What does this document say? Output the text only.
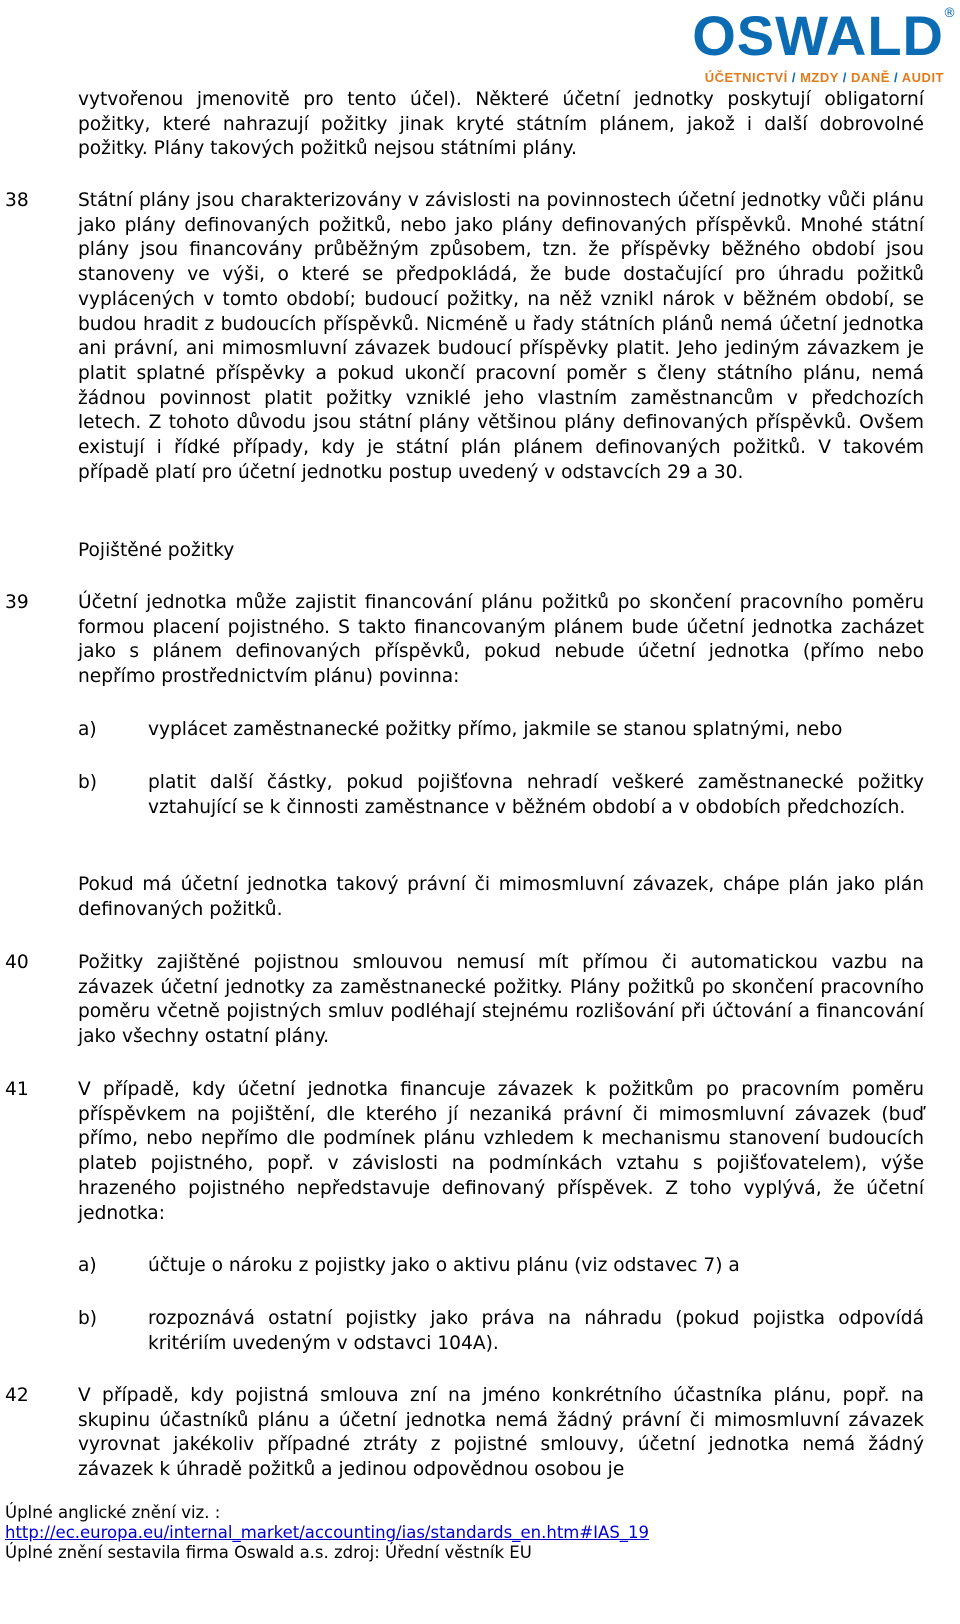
OSWALD ®
ÚČETNICTVÍ / MZDY / DANĚ / AUDIT
vytvořenou jmenovitě pro tento účel). Některé účetní jednotky poskytují obligatorní požitky, které nahrazují požitky jinak kryté státním plánem, jakož i další dobrovolné požitky. Plány takových požitků nejsou státními plány.
38	Státní plány jsou charakterizovány v závislosti na povinnostech účetní jednotky vůči plánu jako plány definovaných požitků, nebo jako plány definovaných příspěvků. Mnohé státní plány jsou financovány průběžným způsobem, tzn. že příspěvky běžného období jsou stanoveny ve výši, o které se předpokládá, že bude dostačující pro úhradu požitků vyplácených v tomto období; budoucí požitky, na něž vznikl nárok v běžném období, se budou hradit z budoucích příspěvků. Nicméně u řady státních plánů nemá účetní jednotka ani právní, ani mimosmluvní závazek budoucí příspěvky platit. Jeho jediným závazkem je platit splatné příspěvky a pokud ukončí pracovní poměr s členy státního plánu, nemá žádnou povinnost platit požitky vzniklé jeho vlastním zaměstnancům v předchozích letech. Z tohoto důvodu jsou státní plány většinou plány definovaných příspěvků. Ovšem existují i řídké případy, kdy je státní plán plánem definovaných požitků. V takovém případě platí pro účetní jednotku postup uvedený v odstavcích 29 a 30.
Pojištěné požitky
39	Účetní jednotka může zajistit financování plánu požitků po skončení pracovního poměru formou placení pojistného. S takto financovaným plánem bude účetní jednotka zacházet jako s plánem definovaných příspěvků, pokud nebude účetní jednotka (přímo nebo nepřímo prostřednictvím plánu) povinna:
a)	vyplácet zaměstnanecké požitky přímo, jakmile se stanou splatnými, nebo
b)	platit další částky, pokud pojišťovna nehradí veškeré zaměstnanecké požitky vztahující se k činnosti zaměstnance v běžném období a v obdobích předchozích.
Pokud má účetní jednotka takový právní či mimosmluvní závazek, chápe plán jako plán definovaných požitků.
40	Požitky zajištěné pojistnou smlouvou nemusí mít přímou či automatickou vazbu na závazek účetní jednotky za zaměstnanecké požitky. Plány požitků po skončení pracovního poměru včetně pojistných smluv podléhají stejnému rozlišování při účtování a financování jako všechny ostatní plány.
41	V případě, kdy účetní jednotka financuje závazek k požitkům po pracovním poměru příspěvkem na pojištění, dle kterého jí nezaniká právní či mimosmluvní závazek (buď přímo, nebo nepřímo dle podmínek plánu vzhledem k mechanismu stanovení budoucích plateb pojistného, popř. v závislosti na podmínkách vztahu s pojišťovatelem), výše hrazeného pojistného nepředstavuje definovaný příspěvek. Z toho vyplývá, že účetní jednotka:
a)	účtuje o nároku z pojistky jako o aktivu plánu (viz odstavec 7) a
b)	rozpoznává ostatní pojistky jako práva na náhradu (pokud pojistka odpovídá kritériím uvedeným v odstavci 104A).
42	V případě, kdy pojistná smlouva zní na jméno konkrétního účastníka plánu, popř. na skupinu účastníků plánu a účetní jednotka nemá žádný právní či mimosmluvní závazek vyrovnat jakékoliv případné ztráty z pojistné smlouvy, účetní jednotka nemá žádný závazek k úhradě požitků a jedinou odpovědnou osobou je
Úplné anglické znění viz. :
http://ec.europa.eu/internal_market/accounting/ias/standards_en.htm#IAS_19
Úplné znění sestavila firma Oswald a.s. zdroj: Úřední věstník EU
